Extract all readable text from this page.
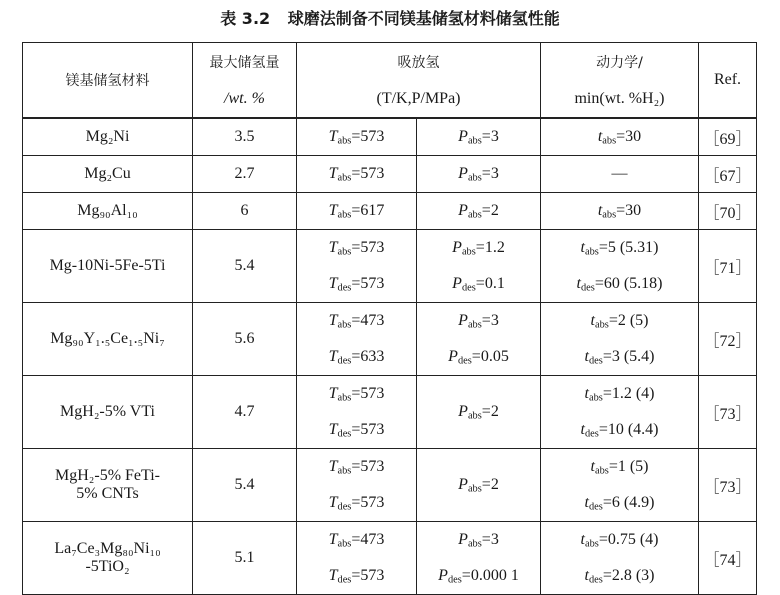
表 3.2 球磨法制备不同镁基储氢材料储氢性能
镁基储氢材料	最大储氢量	吸放氢		动力学/	Ref.
	/wt. %	(T/K,P/MPa)		min(wt. %H₂)	
Mg₂Ni	3.5	$T_{abs}=573$	$P_{abs}=3$	$t_{abs}=30$	［69］
Mg₂Cu	2.7	$T_{abs}=573$	$P_{abs}=3$	—	［67］
Mg₉₀Al₁₀	6	$T_{abs}=617$	$P_{abs}=2$	$t_{abs}=30$	［70］
Mg-10Ni-5Fe-5Ti	5.4	$T_{abs}=573$	$P_{abs}=1.2$	$t_{abs}=5$ (5.31)	［71］
		$T_{des}=573$	$P_{des}=0.1$	$t_{des}=60$ (5.18)	
Mg₉₀Y₁.₅Ce₁.₅Ni₇	5.6	$T_{abs}=473$	$P_{abs}=3$	$t_{abs}=2$ (5)	［72］
		$T_{des}=633$	$P_{des}=0.05$	$t_{des}=3$ (5.4)	
MgH₂-5% VTi	4.7	$T_{abs}=573$	$P_{abs}=2$	$t_{abs}=1.2$ (4)	［73］
		$T_{des}=573$		$t_{des}=10$ (4.4)	
MgH₂-5% FeTi-
5% CNTs	5.4	$T_{abs}=573$	$P_{abs}=2$	$t_{abs}=1$ (5)	［73］
		$T_{des}=573$		$t_{des}=6$ (4.9)	
La₇Ce₃Mg₈₀Ni₁₀
-5TiO₂	5.1	$T_{abs}=473$	$P_{abs}=3$	$t_{abs}=0.75$ (4)	［74］
		$T_{des}=573$	$P_{des}=0.000$ 1	$t_{des}=2.8$ (3)	
